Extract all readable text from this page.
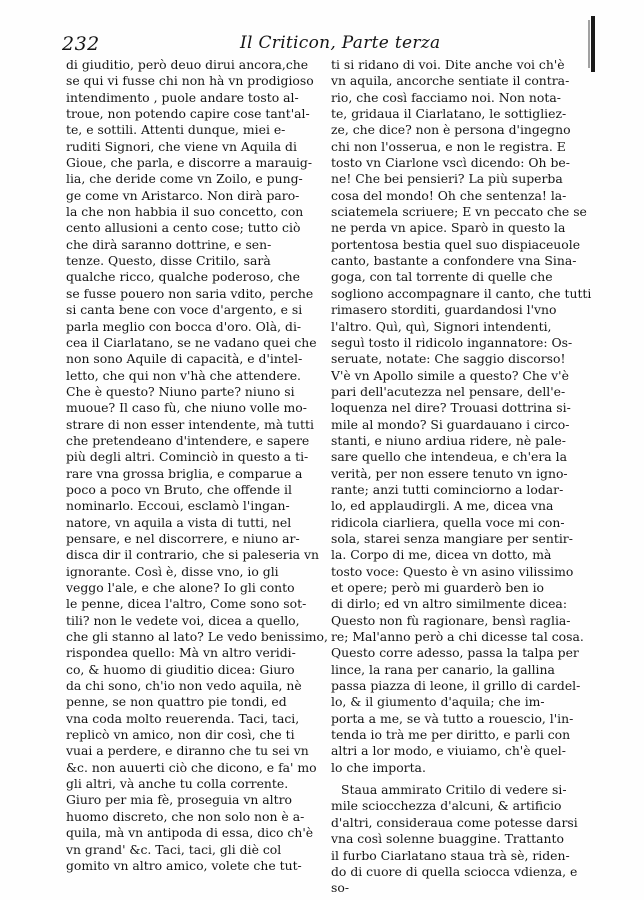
232	Il Criticon, Parte terza
di giuditio, però deuo dirui ancora,che
se qui vi fusse chi non hà vn prodigioso
intendimento , puole andare tosto al-
troue, non potendo capire cose tant'al-
te, e sottili. Attenti dunque, miei e-
ruditi Signori, che viene vn Aquila di
Gioue, che parla, e discorre a marauig-
lia, che deride come vn Zoilo, e pung-
ge come vn Aristarco. Non dirà paro-
la che non habbia il suo concetto, con
cento allusioni a cento cose; tutto ciò
che dirà saranno dottrine, e sen-
tenze. Questo, disse Critilo, sarà
qualche ricco, qualche poderoso, che
se fusse pouero non saria vdito, perche
si canta bene con voce d'argento, e si
parla meglio con bocca d'oro. Olà, di-
cea il Ciarlatano, se ne vadano quei che
non sono Aquile di capacità, e d'intel-
letto, che qui non v'hà che attendere.
Che è questo? Niuno parte? niuno si
muoue? Il caso fù, che niuno volle mo-
strare di non esser intendente, mà tutti
che pretendeano d'intendere, e sapere
più degli altri. Cominciò in questo a ti-
rare vna grossa briglia, e comparue a
poco a poco vn Bruto, che offende il
nominarlo. Eccoui, esclamò l'ingan-
natore, vn aquila a vista di tutti, nel
pensare, e nel discorrere, e niuno ar-
disca dir il contrario, che si paleseria vn
ignorante. Così è, disse vno, io gli
veggo l'ale, e che alone? Io gli conto
le penne, dicea l'altro, Come sono sot-
tili? non le vedete voi, dicea a quello,
che gli stanno al lato? Le vedo benissimo,
rispondea quello: Mà vn altro veridi-
co, & huomo di giuditio dicea: Giuro
da chi sono, ch'io non vedo aquila, nè
penne, se non quattro pie tondi, ed
vna coda molto reuerenda. Taci, taci,
replicò vn amico, non dir così, che ti
vuai a perdere, e diranno che tu sei vn
&c. non auuerti ciò che dicono, e fa' mo
gli altri, và anche tu colla corrente.
Giuro per mia fè, proseguia vn altro
huomo discreto, che non solo non è a-
quila, mà vn antipoda di essa, dico ch'è
vn grand' &c. Taci, taci, gli diè col
gomito vn altro amico, volete che tut-
ti si ridano di voi. Dite anche voi ch'è
vn aquila, ancorche sentiate il contra-
rio, che così facciamo noi. Non nota-
te, gridaua il Ciarlatano, le sottigliez-
ze, che dice? non è persona d'ingegno
chi non l'osserua, e non le registra. E
tosto vn Ciarlone vscì dicendo: Oh be-
ne! Che bei pensieri? La più superba
cosa del mondo! Oh che sentenza! la-
sciatemela scriuere; E vn peccato che se
ne perda vn apice. Sparò in questo la
portentosa bestia quel suo dispiaceuole
canto, bastante a confondere vna Sina-
goga, con tal torrente di quelle che
sogliono accompagnare il canto, che tutti
rimasero storditi, guardandosi l'vno
l'altro. Quì, quì, Signori intendenti,
seguì tosto il ridicolo ingannatore: Os-
seruate, notate: Che saggio discorso!
V'è vn Apollo simile a questo? Che v'è
pari dell'acutezza nel pensare, dell'e-
loquenza nel dire? Trouasi dottrina si-
mile al mondo? Si guardauano i circo-
stanti, e niuno ardiua ridere, nè pale-
sare quello che intendeua, e ch'era la
verità, per non essere tenuto vn igno-
rante; anzi tutti cominciorno a lodar-
lo, ed applaudirgli. A me, dicea vna
ridicola ciarliera, quella voce mi con-
sola, starei senza mangiare per sentir-
la. Corpo di me, dicea vn dotto, mà
tosto voce: Questo è vn asino vilissimo
et opere; però mi guarderò ben io
di dirlo; ed vn altro similmente dicea:
Questo non fù ragionare, bensì raglia-
re; Mal'anno però a chi dicesse tal cosa.
Questo corre adesso, passa la talpa per
lince, la rana per canario, la gallina
passa piazza di leone, il grillo di cardel-
lo, & il giumento d'aquila; che im-
porta a me, se và tutto a rouescio, l'in-
tenda io trà me per diritto, e parli con
altri a lor modo, e viuiamo, ch'è quel-
lo che importa.
Staua ammirato Critilo di vedere si-
mile sciocchezza d'alcuni, & artificio
d'altri, consideraua come potesse darsi
vna così solenne buaggine. Trattanto
il furbo Ciarlatano staua trà sè, riden-
do di cuore di quella sciocca vdienza, e
so-
